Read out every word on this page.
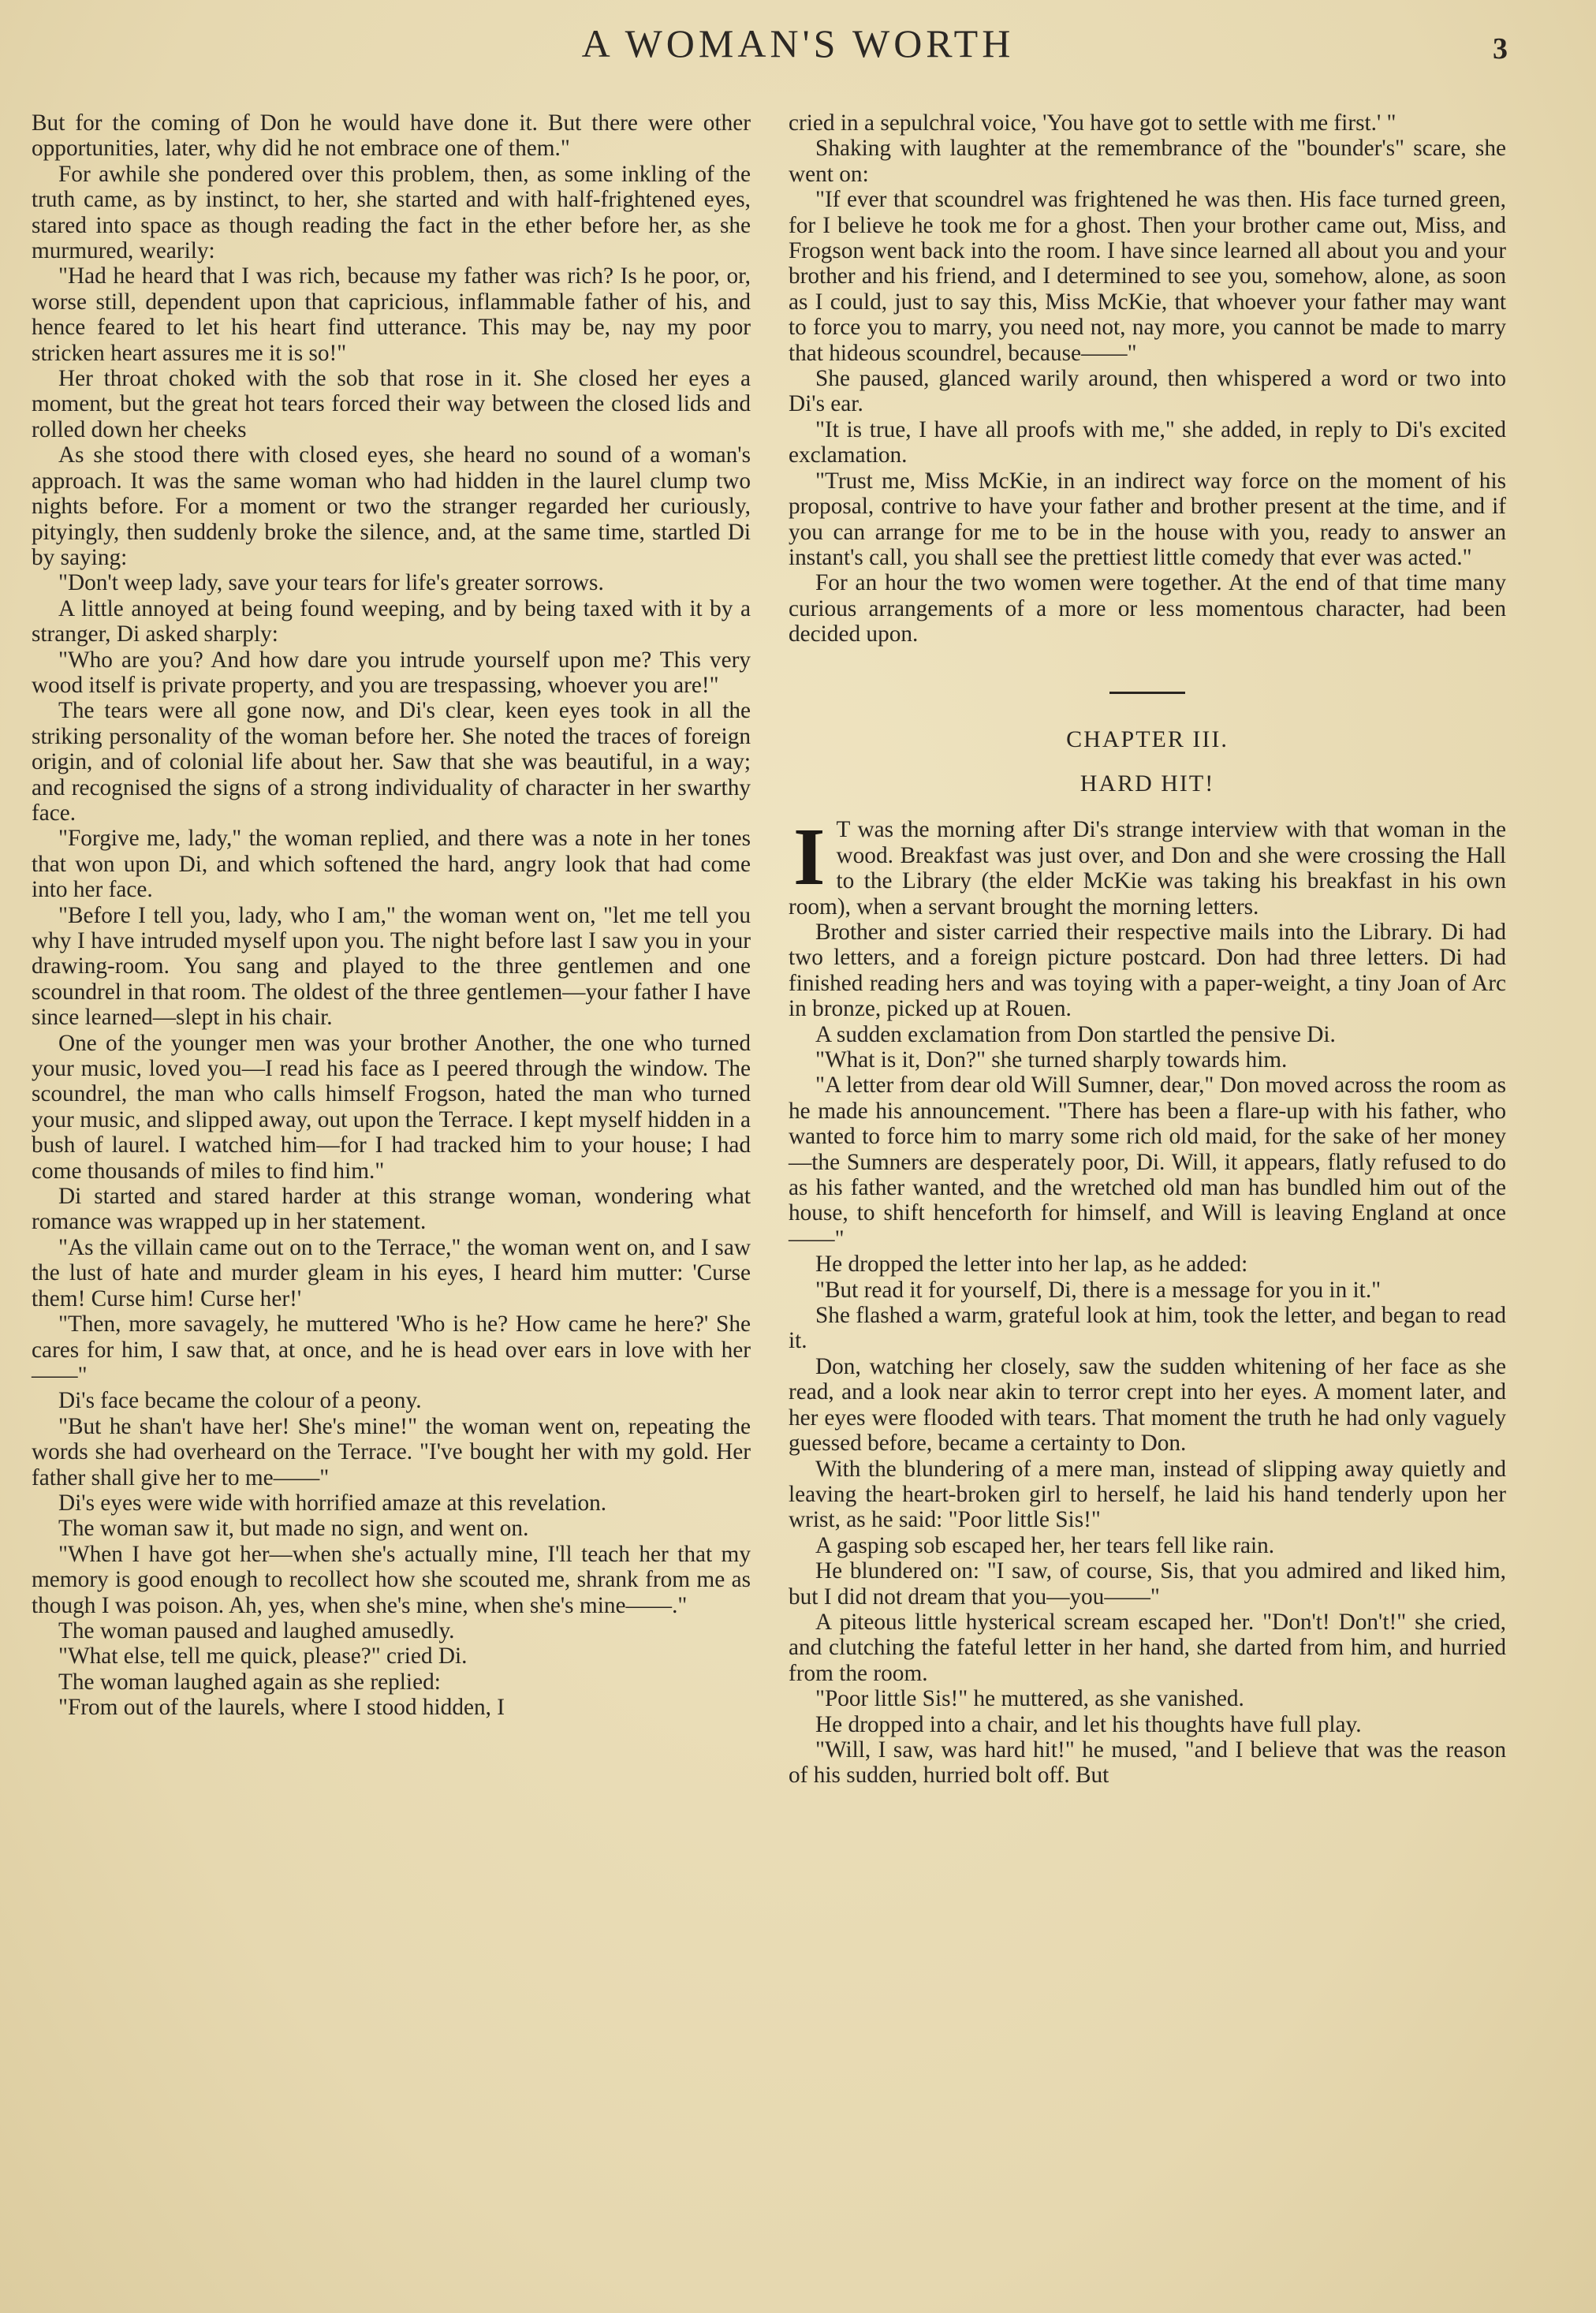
A WOMAN'S WORTH	3

But for the coming of Don he would have done it. But there were other opportunities, later, why did he not embrace one of them."

For awhile she pondered over this problem, then, as some inkling of the truth came, as by instinct, to her, she started and with half-frightened eyes, stared into space as though reading the fact in the ether before her, as she murmured, wearily:

"Had he heard that I was rich, because my father was rich? Is he poor, or, worse still, dependent upon that capricious, inflammable father of his, and hence feared to let his heart find utterance. This may be, nay my poor stricken heart assures me it is so!"

Her throat choked with the sob that rose in it. She closed her eyes a moment, but the great hot tears forced their way between the closed lids and rolled down her cheeks

As she stood there with closed eyes, she heard no sound of a woman's approach. It was the same woman who had hidden in the laurel clump two nights before. For a moment or two the stranger regarded her curiously, pityingly, then suddenly broke the silence, and, at the same time, startled Di by saying:

"Don't weep lady, save your tears for life's greater sorrows.

A little annoyed at being found weeping, and by being taxed with it by a stranger, Di asked sharply:

"Who are you? And how dare you intrude yourself upon me? This very wood itself is private property, and you are trespassing, whoever you are!"

The tears were all gone now, and Di's clear, keen eyes took in all the striking personality of the woman before her. She noted the traces of foreign origin, and of colonial life about her. Saw that she was beautiful, in a way; and recognised the signs of a strong individuality of character in her swarthy face.

"Forgive me, lady," the woman replied, and there was a note in her tones that won upon Di, and which softened the hard, angry look that had come into her face.

"Before I tell you, lady, who I am," the woman went on, "let me tell you why I have intruded myself upon you. The night before last I saw you in your drawing-room. You sang and played to the three gentlemen and one scoundrel in that room. The oldest of the three gentlemen—your father I have since learned—slept in his chair.

One of the younger men was your brother Another, the one who turned your music, loved you—I read his face as I peered through the window. The scoundrel, the man who calls himself Frogson, hated the man who turned your music, and slipped away, out upon the Terrace. I kept myself hidden in a bush of laurel. I watched him—for I had tracked him to your house; I had come thousands of miles to find him."

Di started and stared harder at this strange woman, wondering what romance was wrapped up in her statement.

"As the villain came out on to the Terrace," the woman went on, and I saw the lust of hate and murder gleam in his eyes, I heard him mutter: 'Curse them! Curse him! Curse her!'

"Then, more savagely, he muttered 'Who is he? How came he here?' She cares for him, I saw that, at once, and he is head over ears in love with her——"

Di's face became the colour of a peony.

"But he shan't have her! She's mine!" the woman went on, repeating the words she had overheard on the Terrace. "I've bought her with my gold. Her father shall give her to me——"

Di's eyes were wide with horrified amaze at this revelation.

The woman saw it, but made no sign, and went on.

"When I have got her—when she's actually mine, I'll teach her that my memory is good enough to recollect how she scouted me, shrank from me as though I was poison. Ah, yes, when she's mine, when she's mine——."

The woman paused and laughed amusedly.

"What else, tell me quick, please?" cried Di.

The woman laughed again as she replied:

"From out of the laurels, where I stood hidden, I

cried in a sepulchral voice, 'You have got to settle with me first.' "

Shaking with laughter at the remembrance of the "bounder's" scare, she went on:

"If ever that scoundrel was frightened he was then. His face turned green, for I believe he took me for a ghost. Then your brother came out, Miss, and Frogson went back into the room. I have since learned all about you and your brother and his friend, and I determined to see you, somehow, alone, as soon as I could, just to say this, Miss McKie, that whoever your father may want to force you to marry, you need not, nay more, you cannot be made to marry that hideous scoundrel, because——"

She paused, glanced warily around, then whispered a word or two into Di's ear.

"It is true, I have all proofs with me," she added, in reply to Di's excited exclamation.

"Trust me, Miss McKie, in an indirect way force on the moment of his proposal, contrive to have your father and brother present at the time, and if you can arrange for me to be in the house with you, ready to answer an instant's call, you shall see the prettiest little comedy that ever was acted."

For an hour the two women were together. At the end of that time many curious arrangements of a more or less momentous character, had been decided upon.

CHAPTER III.
HARD HIT!

I T was the morning after Di's strange interview with that woman in the wood. Breakfast was just over, and Don and she were crossing the Hall to the Library (the elder McKie was taking his breakfast in his own room), when a servant brought the morning letters.

Brother and sister carried their respective mails into the Library. Di had two letters, and a foreign picture postcard. Don had three letters. Di had finished reading hers and was toying with a paper-weight, a tiny Joan of Arc in bronze, picked up at Rouen.

A sudden exclamation from Don startled the pensive Di.

"What is it, Don?" she turned sharply towards him.

"A letter from dear old Will Sumner, dear," Don moved across the room as he made his announcement. "There has been a flare-up with his father, who wanted to force him to marry some rich old maid, for the sake of her money—the Sumners are desperately poor, Di. Will, it appears, flatly refused to do as his father wanted, and the wretched old man has bundled him out of the house, to shift henceforth for himself, and Will is leaving England at once——"

He dropped the letter into her lap, as he added:

"But read it for yourself, Di, there is a message for you in it."

She flashed a warm, grateful look at him, took the letter, and began to read it.

Don, watching her closely, saw the sudden whitening of her face as she read, and a look near akin to terror crept into her eyes. A moment later, and her eyes were flooded with tears. That moment the truth he had only vaguely guessed before, became a certainty to Don.

With the blundering of a mere man, instead of slipping away quietly and leaving the heart-broken girl to herself, he laid his hand tenderly upon her wrist, as he said: "Poor little Sis!"

A gasping sob escaped her, her tears fell like rain.

He blundered on: "I saw, of course, Sis, that you admired and liked him, but I did not dream that you—you——"

A piteous little hysterical scream escaped her. "Don't! Don't!" she cried, and clutching the fateful letter in her hand, she darted from him, and hurried from the room.

"Poor little Sis!" he muttered, as she vanished.

He dropped into a chair, and let his thoughts have full play.

"Will, I saw, was hard hit!" he mused, "and I believe that was the reason of his sudden, hurried bolt off. But
